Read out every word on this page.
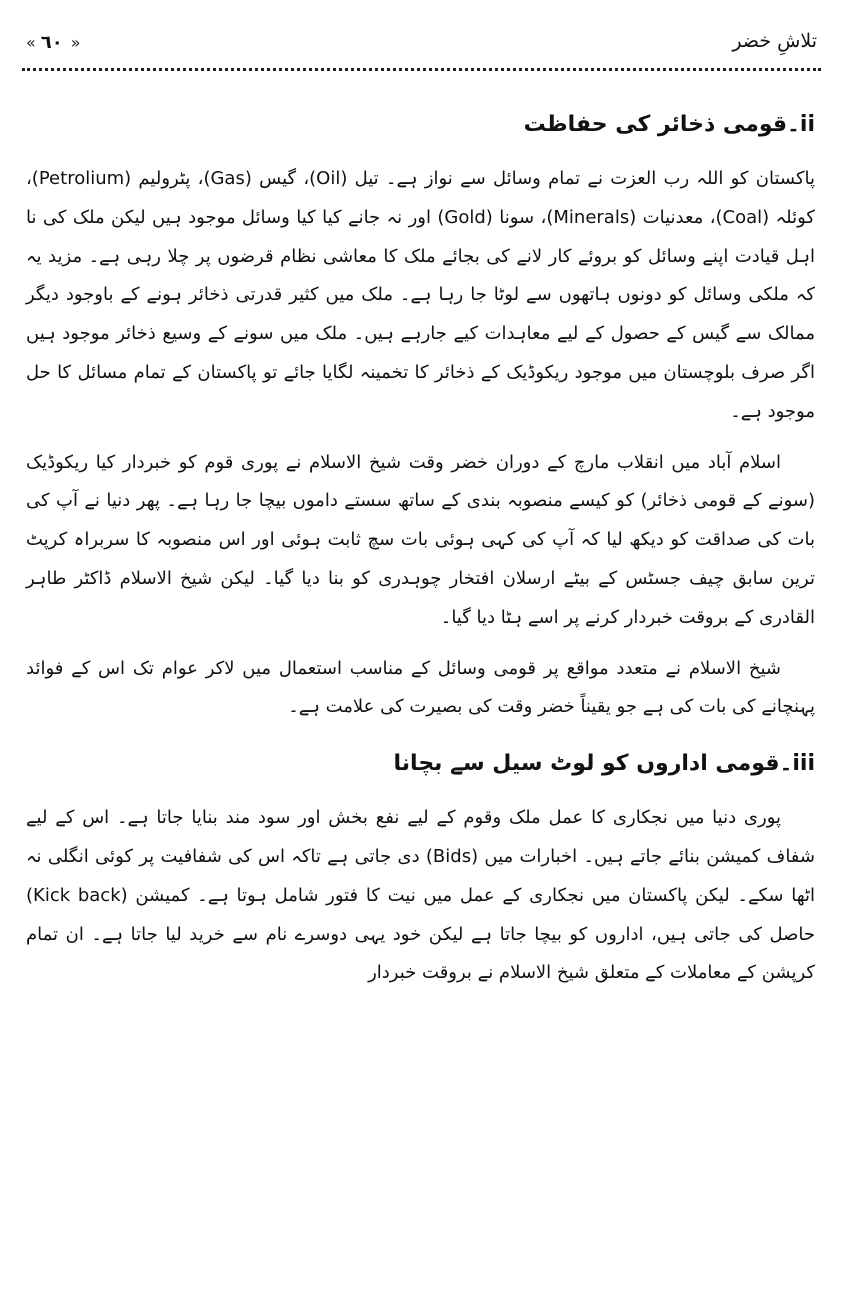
تلاشِ خضر
« ٦٠ »
ii۔قومی ذخائر کی حفاظت

پاکستان کو اللہ رب العزت نے تمام وسائل سے نواز ہے۔ تیل (Oil)، گیس (Gas)، پٹرولیم (Petrolium)، کوئلہ (Coal)، معدنیات (Minerals)، سونا (Gold) اور نہ جانے کیا کیا وسائل موجود ہیں لیکن ملک کی نا اہل قیادت اپنے وسائل کو بروئے کار لانے کی بجائے ملک کا معاشی نظام قرضوں پر چلا رہی ہے۔ مزید یہ کہ ملکی وسائل کو دونوں ہاتھوں سے لوٹا جا رہا ہے۔ ملک میں کثیر قدرتی ذخائر ہونے کے باوجود دیگر ممالک سے گیس کے حصول کے لیے معاہدات کیے جارہے ہیں۔ ملک میں سونے کے وسیع ذخائر موجود ہیں اگر صرف بلوچستان میں موجود ریکوڈیک کے ذخائر کا تخمینہ لگایا جائے تو پاکستان کے تمام مسائل کا حل موجود ہے۔

اسلام آباد میں انقلاب مارچ کے دوران خضر وقت شیخ الاسلام نے پوری قوم کو خبردار کیا ریکوڈیک (سونے کے قومی ذخائر) کو کیسے منصوبہ بندی کے ساتھ سستے داموں بیچا جا رہا ہے۔ پھر دنیا نے آپ کی بات کی صداقت کو دیکھ لیا کہ آپ کی کہی ہوئی بات سچ ثابت ہوئی اور اس منصوبہ کا سربراہ کرپٹ ترین سابق چیف جسٹس کے بیٹے ارسلان افتخار چوہدری کو بنا دیا گیا۔ لیکن شیخ الاسلام ڈاکٹر طاہر القادری کے بروقت خبردار کرنے پر اسے ہٹا دیا گیا۔

شیخ الاسلام نے متعدد مواقع پر قومی وسائل کے مناسب استعمال میں لاکر عوام تک اس کے فوائد پہنچانے کی بات کی ہے جو یقیناً خضر وقت کی بصیرت کی علامت ہے۔

iii۔قومی اداروں کو لوٹ سیل سے بچانا

پوری دنیا میں نجکاری کا عمل ملک وقوم کے لیے نفع بخش اور سود مند بنایا جاتا ہے۔ اس کے لیے شفاف کمیشن بنائے جاتے ہیں۔ اخبارات میں (Bids) دی جاتی ہے تاکہ اس کی شفافیت پر کوئی انگلی نہ اٹھا سکے۔ لیکن پاکستان میں نجکاری کے عمل میں نیت کا فتور شامل ہوتا ہے۔ کمیشن (Kick back) حاصل کی جاتی ہیں، اداروں کو بیچا جاتا ہے لیکن خود یہی دوسرے نام سے خرید لیا جاتا ہے۔ ان تمام کرپشن کے معاملات کے متعلق شیخ الاسلام نے بروقت خبردار
